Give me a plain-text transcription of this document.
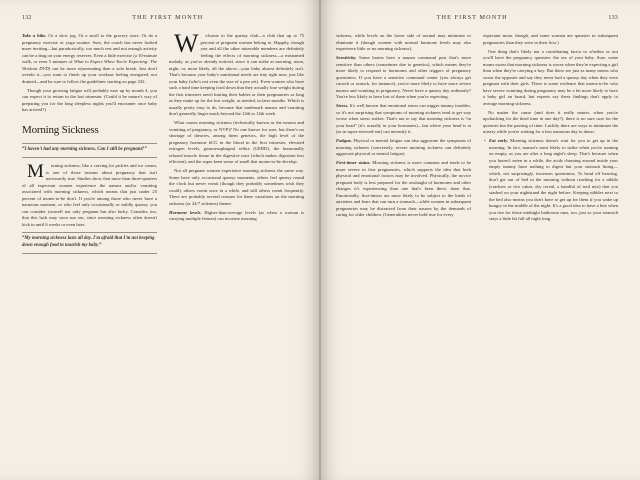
132	THE FIRST MONTH

Take a hike. Or a slow jog. Or a stroll to the grocery store. Or do a pregnancy exercise or yoga routine. Sure, the couch has never looked more inviting—but paradoxically, too much rest and not enough activity can be a drag on your energy reserves. Even a little exercise (a 10-minute walk, or even 5 minutes of What to Expect When You're Expecting: The Workout DVD) can be more rejuvenating than a sofa break. Just don't overdo it—you want to finish up your workout feeling energized, not drained—and be sure to follow the guidelines starting on page 232.

Though your growing fatigue will probably ease up by month 4, you can expect it to return in the last trimester. (Could it be nature's way of preparing you for the long sleepless nights you'll encounter once baby has arrived?)

Morning Sickness
“I haven't had any morning sickness. Can I still be pregnant?”

M	orning sickness, like a craving for pickles and ice cream, is one of those truisms about pregnancy that isn't necessarily true. Studies show that more than three-quarters of all expectant women experience the nausea and/or vomiting associated with morning sickness, which means that just under 25 percent of moms-to-be don't. If you're among those who never have a nauseous moment, or who feel only occasionally or mildly queasy, you can consider yourself not only pregnant but also lucky. Consider, too, that this luck may soon run out, since morning sickness often doesn't kick in until 6 weeks or even later.

“My morning sickness lasts all day. I'm afraid that I'm not keeping down enough food to nourish my baby.”

W	elcome to the queasy club—a club that up to 75 percent of pregnant women belong to. Happily, though you and all the other miserable members are definitely feeling the effects of morning sickness—a misnamed malady, as you've already noticed, since it can strike at morning, noon, night, or, more likely, all the above—your baby almost definitely isn't. That's because your baby's nutritional needs are tiny right now, just like your baby (who's not even the size of a pea yet). Even women who have such a hard time keeping food down that they actually lose weight during the first trimester aren't hurting their babies or their pregnancies as long as they make up for the lost weight, as needed, in later months. Which is usually pretty easy to do, because that trademark nausea and vomiting don't generally linger much beyond the 12th to 14th week.

What causes morning sickness (technically known as the nausea and vomiting of pregnancy, or NVP)? No one knows for sure, but there's no shortage of theories, among them genetics, the high level of the pregnancy hormone hCG in the blood in the first trimester, elevated estrogen levels, gastroesophageal reflux (GERD), the hormonally relaxed muscle tissue in the digestive tract (which makes digestion less efficient), and the super keen sense of smell that moms-to-be develop.

Not all pregnant women experience morning sickness the same way. Some have only occasional queasy moments, others feel queasy round the clock but never vomit (though they probably sometimes wish they could), others vomit once in a while, and still others vomit frequently. There are probably several reasons for these variations on the morning sickness (or 24/7 sickness) theme:

Hormone levels. Higher-than-average levels (as when a woman is carrying multiple fetuses) can increase morning

THE FIRST MONTH	133

sickness, while levels on the lower side of normal may minimize or eliminate it (though women with normal hormone levels may also experience little or no morning sickness).

Sensitivity. Some brains have a nausea command post that's more sensitive than others (sometimes due to genetics), which means they're more likely to respond to hormones and other triggers of pregnancy queasiness. If you have a sensitive command center (you always get carsick or seasick, for instance), you're more likely to have more severe nausea and vomiting in pregnancy. Never have a queasy day ordinarily? You're less likely to have lots of them when you're expecting.

Stress. It's well known that emotional stress can trigger tummy troubles, so it's not surprising that symptoms of morning sickness tend to get way worse when stress strikes. That's not to say that morning sickness is “in your head” (it's actually in your hormones)—but where your head is at (as in super-stressed-out) can intensify it.

Fatigue. Physical or mental fatigue can also aggravate the symptoms of morning sickness (conversely, severe morning sickness can definitely aggravate physical or mental fatigue).

First-timer status. Morning sickness is more common and tends to be more severe in first pregnancies, which supports the idea that both physical and emotional factors may be involved. Physically, the novice pregnant body is less prepared for the onslaught of hormones and other changes it's experiencing than one that's been there, done that. Emotionally, first-timers are more likely to be subject to the kinds of anxieties and fears that can turn a stomach—while women in subsequent pregnancies may be distracted from their nausea by the demands of caring for older children. (Generalities never hold true for every

expectant mom, though, and some women are queasier in subsequent pregnancies than they were in their first.)

One thing that's likely not a contributing factor to whether or not you'll have the pregnancy queasies: the sex of your baby. Sure, some moms swear that morning sickness is worse when they're expecting a girl than when they're carrying a boy. But there are just as many moms who swear the opposite and say they never had a queasy day when they were pregnant with their girls. There is some evidence that moms-to-be who have severe vomiting during pregnancy may be a bit more likely to have a baby girl on board, but experts say these findings don't apply to average morning sickness.

No matter the cause (and does it really matter, when you're upchucking for the third time in one day?), there is no sure cure for the queasies but the passing of time. Luckily there are ways to minimize the misery while you're waiting for a less nauseous day to dawn:

● Eat early. Morning sickness doesn't wait for you to get up in the morning. In fact, nausea's most likely to strike when you're running on empty, as you are after a long night's sleep. That's because when you haven't eaten in a while, the acids churning around inside your empty tummy have nothing to digest but your stomach lining—which, not surprisingly, increases queasiness. To head off heaving, don't get out of bed in the morning without reaching for a nibble (crackers or rice cakes, dry cereal, a handful of trail mix) that you stashed on your nightstand the night before. Keeping nibbles next to the bed also means you don't have to get up for them if you wake up hungry in the middle of the night. It's a good idea to have a bite when you rise for those midnight bathroom runs, too, just so your stomach stays a little bit full all night long.
